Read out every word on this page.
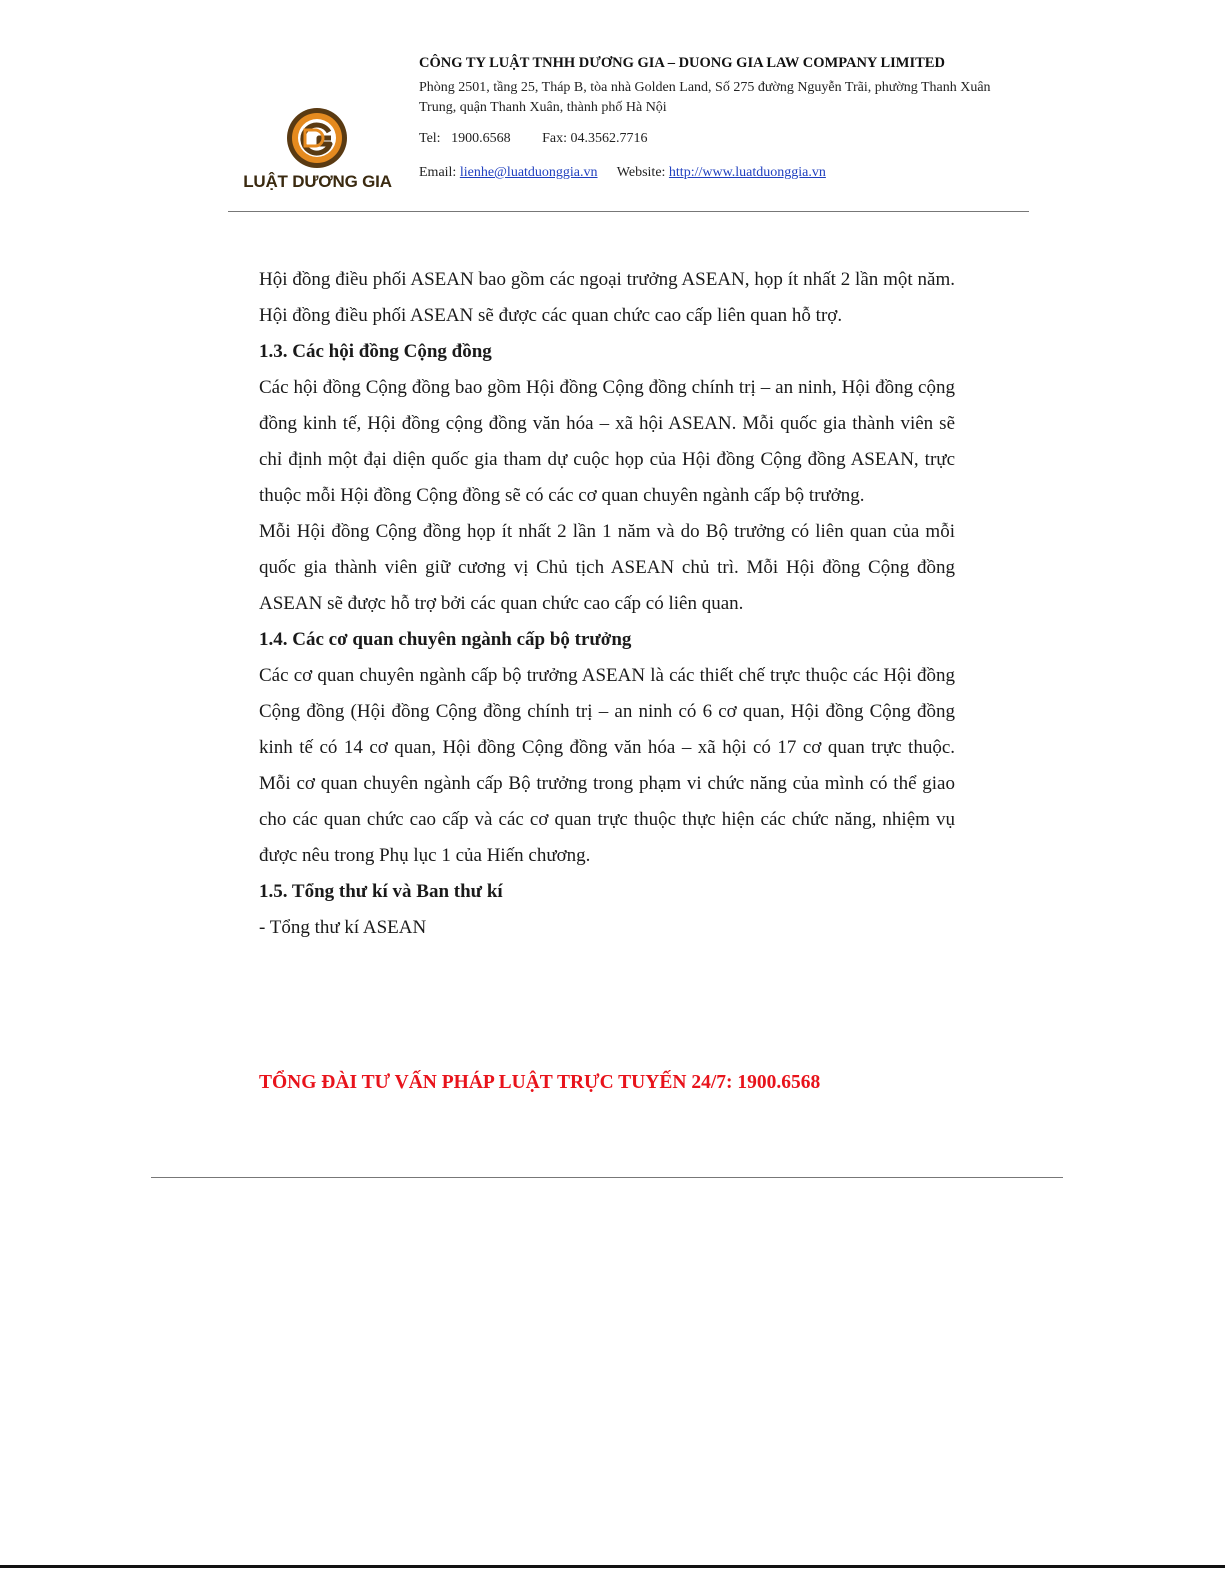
LUẬT DƯƠNG GIA
CÔNG TY LUẬT TNHH DƯƠNG GIA – DUONG GIA LAW COMPANY LIMITED
Phòng 2501, tầng 25, Tháp B, tòa nhà Golden Land, Số 275 đường Nguyễn Trãi, phường Thanh Xuân Trung, quận Thanh Xuân, thành phố Hà Nội
Tel: 1900.6568 Fax: 04.3562.7716
Email: lienhe@luatduonggia.vn Website: http://www.luatduonggia.vn

Hội đồng điều phối ASEAN bao gồm các ngoại trưởng ASEAN, họp ít nhất 2 lần một năm. Hội đồng điều phối ASEAN sẽ được các quan chức cao cấp liên quan hỗ trợ.

1.3. Các hội đồng Cộng đồng

Các hội đồng Cộng đồng bao gồm Hội đồng Cộng đồng chính trị – an ninh, Hội đồng cộng đồng kinh tế, Hội đồng cộng đồng văn hóa – xã hội ASEAN. Mỗi quốc gia thành viên sẽ chỉ định một đại diện quốc gia tham dự cuộc họp của Hội đồng Cộng đồng ASEAN, trực thuộc mỗi Hội đồng Cộng đồng sẽ có các cơ quan chuyên ngành cấp bộ trưởng.

Mỗi Hội đồng Cộng đồng họp ít nhất 2 lần 1 năm và do Bộ trưởng có liên quan của mỗi quốc gia thành viên giữ cương vị Chủ tịch ASEAN chủ trì. Mỗi Hội đồng Cộng đồng ASEAN sẽ được hỗ trợ bởi các quan chức cao cấp có liên quan.

1.4. Các cơ quan chuyên ngành cấp bộ trưởng

Các cơ quan chuyên ngành cấp bộ trưởng ASEAN là các thiết chế trực thuộc các Hội đồng Cộng đồng (Hội đồng Cộng đồng chính trị – an ninh có 6 cơ quan, Hội đồng Cộng đồng kinh tế có 14 cơ quan, Hội đồng Cộng đồng văn hóa – xã hội có 17 cơ quan trực thuộc. Mỗi cơ quan chuyên ngành cấp Bộ trưởng trong phạm vi chức năng của mình có thể giao cho các quan chức cao cấp và các cơ quan trực thuộc thực hiện các chức năng, nhiệm vụ được nêu trong Phụ lục 1 của Hiến chương.

1.5. Tổng thư kí và Ban thư kí

- Tổng thư kí ASEAN

TỔNG ĐÀI TƯ VẤN PHÁP LUẬT TRỰC TUYẾN 24/7: 1900.6568
